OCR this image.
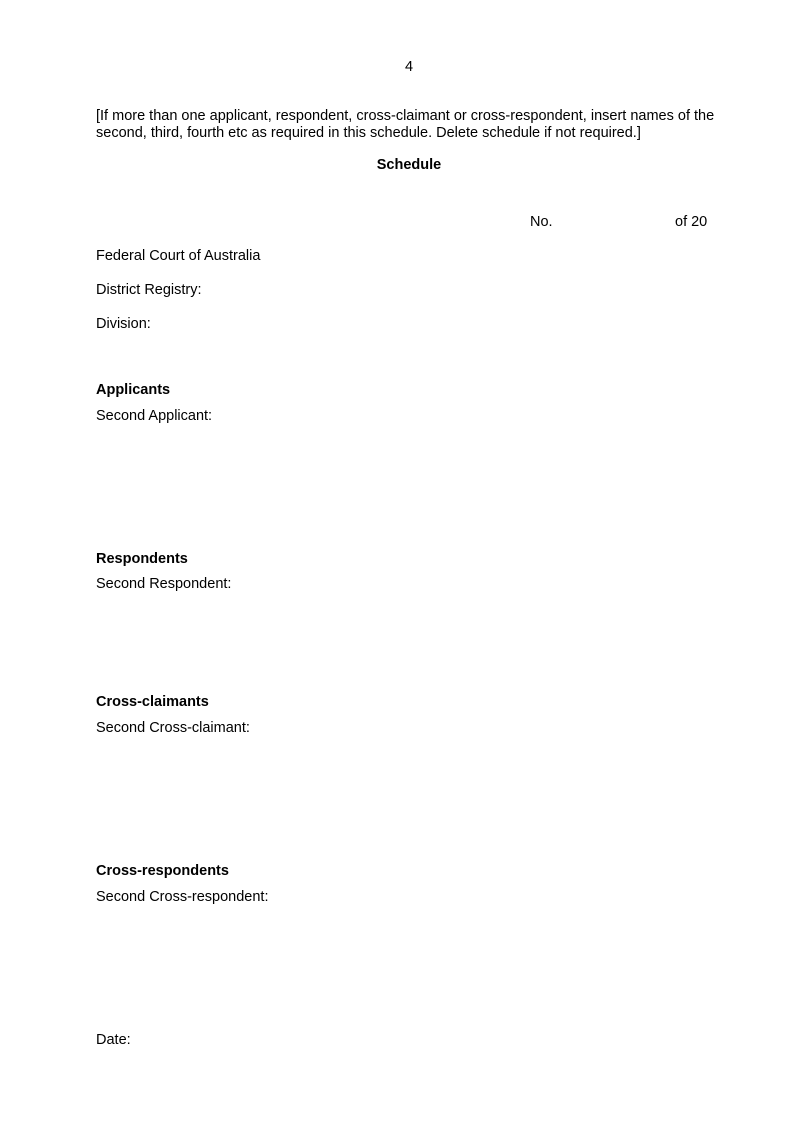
4
[If more than one applicant, respondent, cross-claimant or cross-respondent, insert names of the second, third, fourth etc as required in this schedule. Delete schedule if not required.]
Schedule
No.	of 20
Federal Court of Australia
District Registry:
Division:
Applicants
Second Applicant:
Respondents
Second Respondent:
Cross-claimants
Second Cross-claimant:
Cross-respondents
Second Cross-respondent:
Date:
